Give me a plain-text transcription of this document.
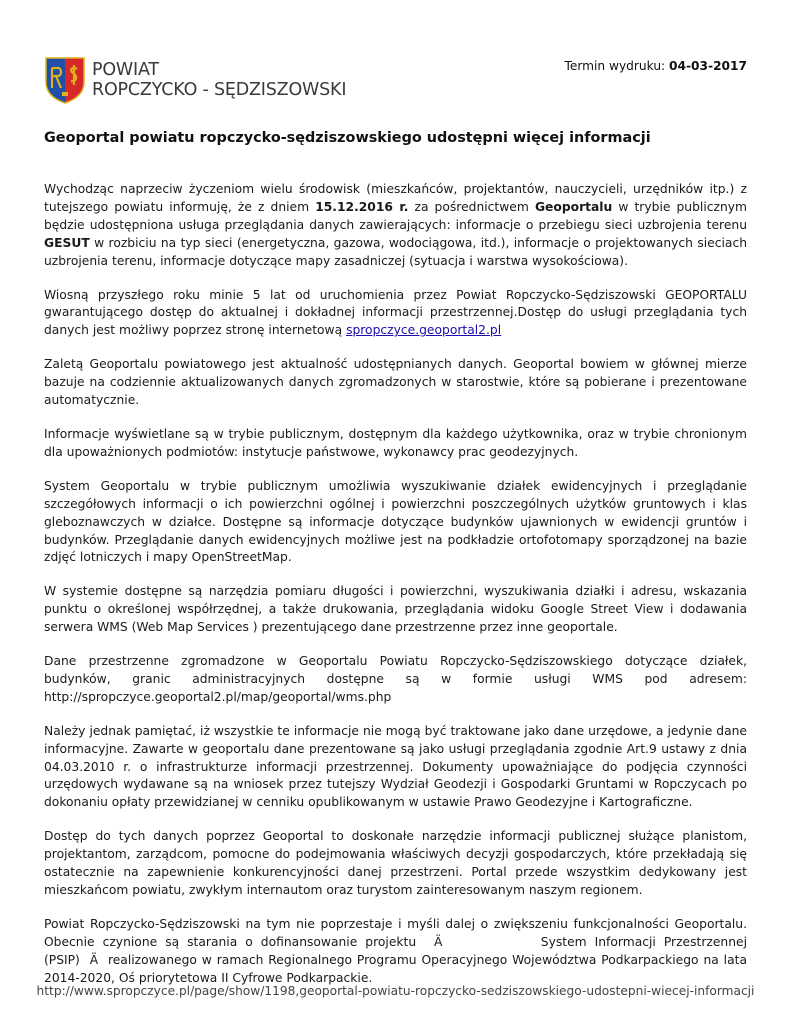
POWIAT
ROPCZYCKO - SĘDZISZOWSKI
Termin wydruku: 04-03-2017
Geoportal powiatu ropczycko-sędziszowskiego udostępni więcej informacji

Wychodząc naprzeciw życzeniom wielu środowisk (mieszkańców, projektantów, nauczycieli, urzędników itp.) z tutejszego powiatu informuję, że z dniem 15.12.2016 r. za pośrednictwem Geoportalu w trybie publicznym będzie udostępniona usługa przeglądania danych zawierających: informacje o przebiegu sieci uzbrojenia terenu GESUT w rozbiciu na typ sieci (energetyczna, gazowa, wodociągowa, itd.), informacje o projektowanych sieciach uzbrojenia terenu, informacje dotyczące mapy zasadniczej (sytuacja i warstwa wysokościowa).

Wiosną przyszłego roku minie 5 lat od uruchomienia przez Powiat Ropczycko-Sędziszowski GEOPORTALU gwarantującego dostęp do aktualnej i dokładnej informacji przestrzennej.Dostęp do usługi przeglądania tych danych jest możliwy poprzez stronę internetową spropczyce.geoportal2.pl

Zaletą Geoportalu powiatowego jest aktualność udostępnianych danych. Geoportal bowiem w głównej mierze bazuje na codziennie aktualizowanych danych zgromadzonych w starostwie, które są pobierane i prezentowane automatycznie.

Informacje wyświetlane są w trybie publicznym, dostępnym dla każdego użytkownika, oraz w trybie chronionym dla upoważnionych podmiotów: instytucje państwowe, wykonawcy prac geodezyjnych.

System Geoportalu w trybie publicznym umożliwia wyszukiwanie działek ewidencyjnych i przeglądanie szczegółowych informacji o ich powierzchni ogólnej i powierzchni poszczególnych użytków gruntowych i klas gleboznawczych w działce. Dostępne są informacje dotyczące budynków ujawnionych w ewidencji gruntów i budynków. Przeglądanie danych ewidencyjnych możliwe jest na podkładzie ortofotomapy sporządzonej na bazie zdjęć lotniczych i mapy OpenStreetMap.

W systemie dostępne są narzędzia pomiaru długości i powierzchni, wyszukiwania działki i adresu, wskazania punktu o określonej współrzędnej, a także drukowania, przeglądania widoku Google Street View i dodawania serwera WMS (Web Map Services ) prezentującego dane przestrzenne przez inne geoportale.

Dane przestrzenne zgromadzone w Geoportalu Powiatu Ropczycko-Sędziszowskiego dotyczące działek, budynków, granic administracyjnych dostępne są w formie usługi WMS pod adresem: http://spropczyce.geoportal2.pl/map/geoportal/wms.php

Należy jednak pamiętać, iż wszystkie te informacje nie mogą być traktowane jako dane urzędowe, a jedynie dane informacyjne. Zawarte w geoportalu dane prezentowane są jako usługi przeglądania zgodnie Art.9 ustawy z dnia 04.03.2010 r. o infrastrukturze informacji przestrzennej. Dokumenty upoważniające do podjęcia czynności urzędowych wydawane są na wniosek przez tutejszy Wydział Geodezji i Gospodarki Gruntami w Ropczycach po dokonaniu opłaty przewidzianej w cenniku opublikowanym w ustawie Prawo Geodezyjne i Kartograficzne.

Dostęp do tych danych poprzez Geoportal to doskonałe narzędzie informacji publicznej służące planistom, projektantom, zarządcom, pomocne do podejmowania właściwych decyzji gospodarczych, które przekładają się ostatecznie na zapewnienie konkurencyjności danej przestrzeni. Portal przede wszystkim dedykowany jest mieszkańcom powiatu, zwykłym internautom oraz turystom zainteresowanym naszym regionem.

Powiat Ropczycko-Sędziszowski na tym nie poprzestaje i myśli dalej o zwiększeniu funkcjonalności Geoportalu. Obecnie czynione są starania o dofinansowanie projektu ÄSystem Informacji Przestrzennej (PSIP)Ärealizowanego w ramach Regionalnego Programu Operacyjnego Województwa Podkarpackiego na lata 2014-2020, Oś priorytetowa II Cyfrowe Podkarpackie.

http://www.spropczyce.pl/page/show/1198,geoportal-powiatu-ropczycko-sedziszowskiego-udostepni-wiecej-informacji
